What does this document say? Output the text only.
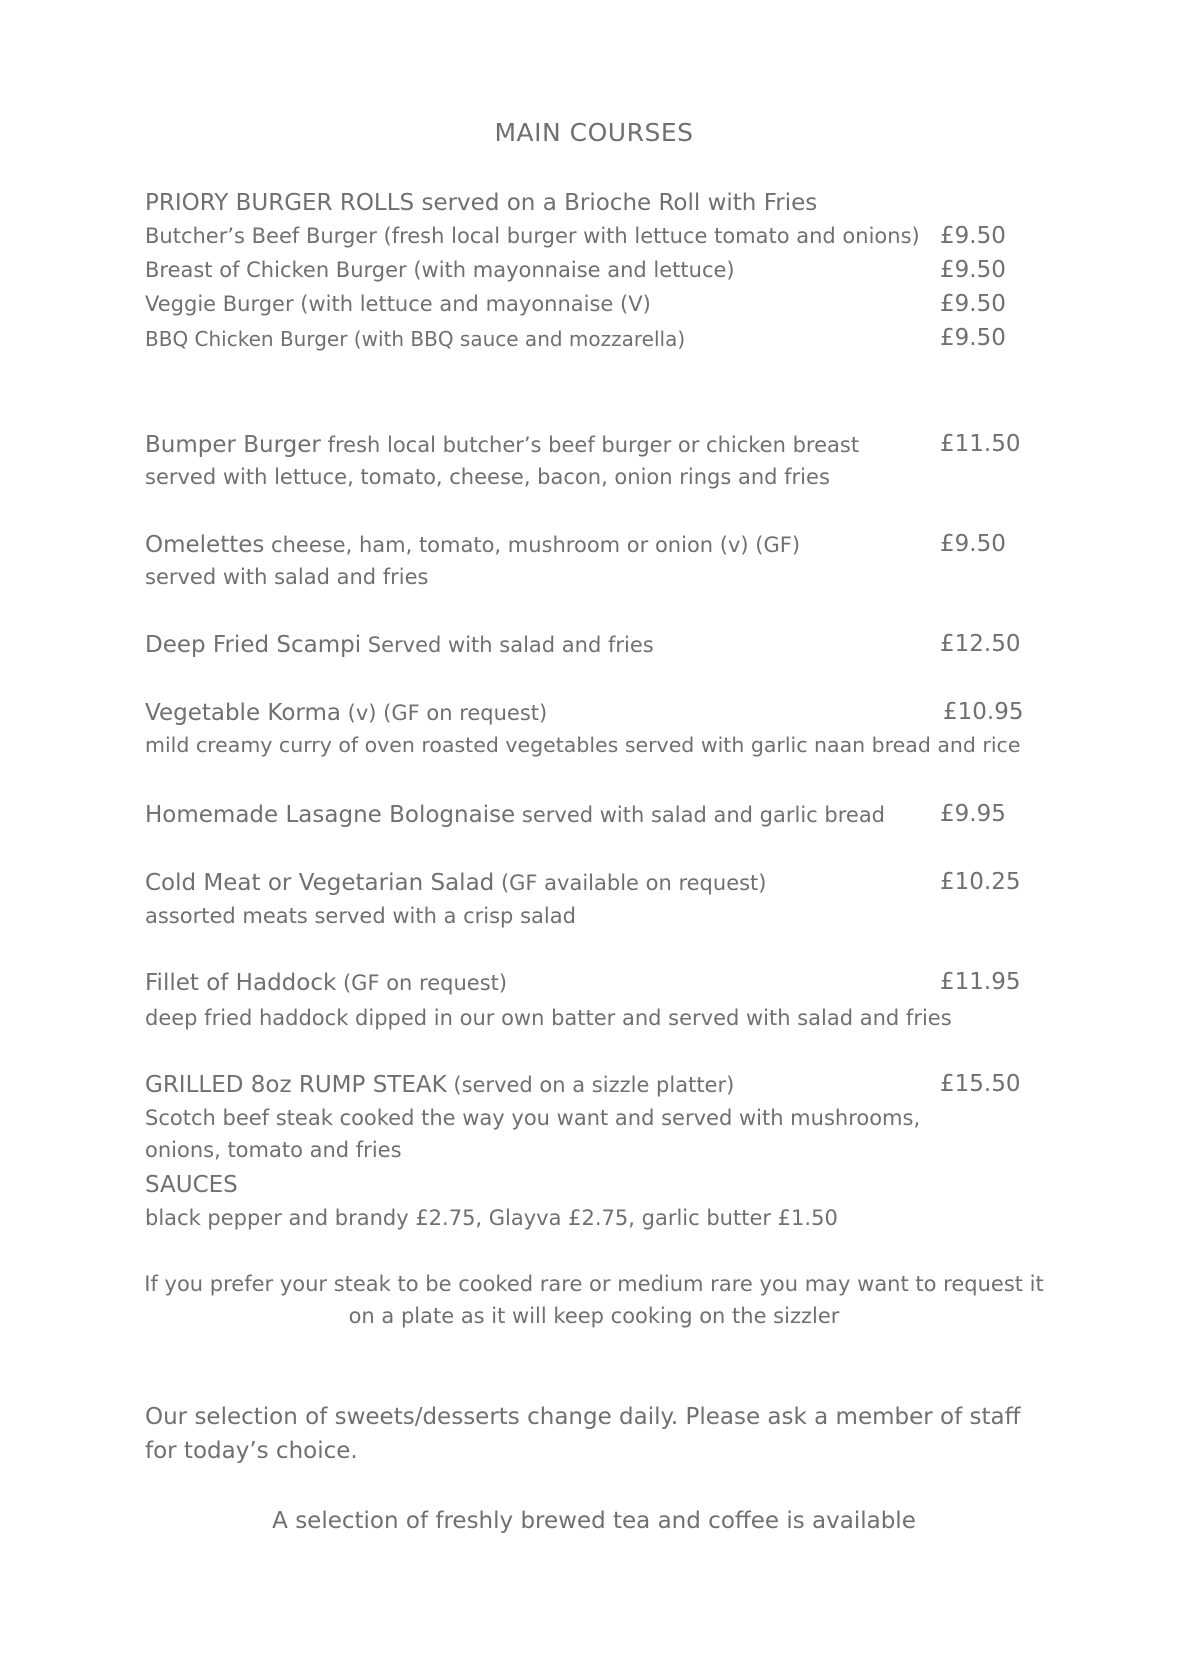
MAIN COURSES
PRIORY BURGER ROLLS served on a Brioche Roll with Fries
Butcher’s Beef Burger (fresh local burger with lettuce tomato and onions) £9.50
Breast of Chicken Burger (with mayonnaise and lettuce)	£9.50
Veggie Burger (with lettuce and mayonnaise (V)	£9.50
BBQ Chicken Burger (with BBQ sauce and mozzarella)	£9.50
Bumper Burger fresh local butcher’s beef burger or chicken breast	£11.50
served with lettuce, tomato, cheese, bacon, onion rings and fries
Omelettes cheese, ham, tomato, mushroom or onion (v) (GF)	£9.50
served with salad and fries
Deep Fried Scampi Served with salad and fries	£12.50
Vegetable Korma (v) (GF on request)	£10.95
mild creamy curry of oven roasted vegetables served with garlic naan bread and rice
Homemade Lasagne Bolognaise served with salad and garlic bread £9.95
Cold Meat or Vegetarian Salad (GF available on request)	£10.25
assorted meats served with a crisp salad
Fillet of Haddock (GF on request)	£11.95
deep fried haddock dipped in our own batter and served with salad and fries
GRILLED 8oz RUMP STEAK (served on a sizzle platter)	£15.50
Scotch beef steak cooked the way you want and served with mushrooms,
onions, tomato and fries
SAUCES
black pepper and brandy £2.75, Glayva £2.75, garlic butter £1.50
If you prefer your steak to be cooked rare or medium rare you may want to request it
on a plate as it will keep cooking on the sizzler
Our selection of sweets/desserts change daily. Please ask a member of staff for today’s choice.
A selection of freshly brewed tea and coffee is available
